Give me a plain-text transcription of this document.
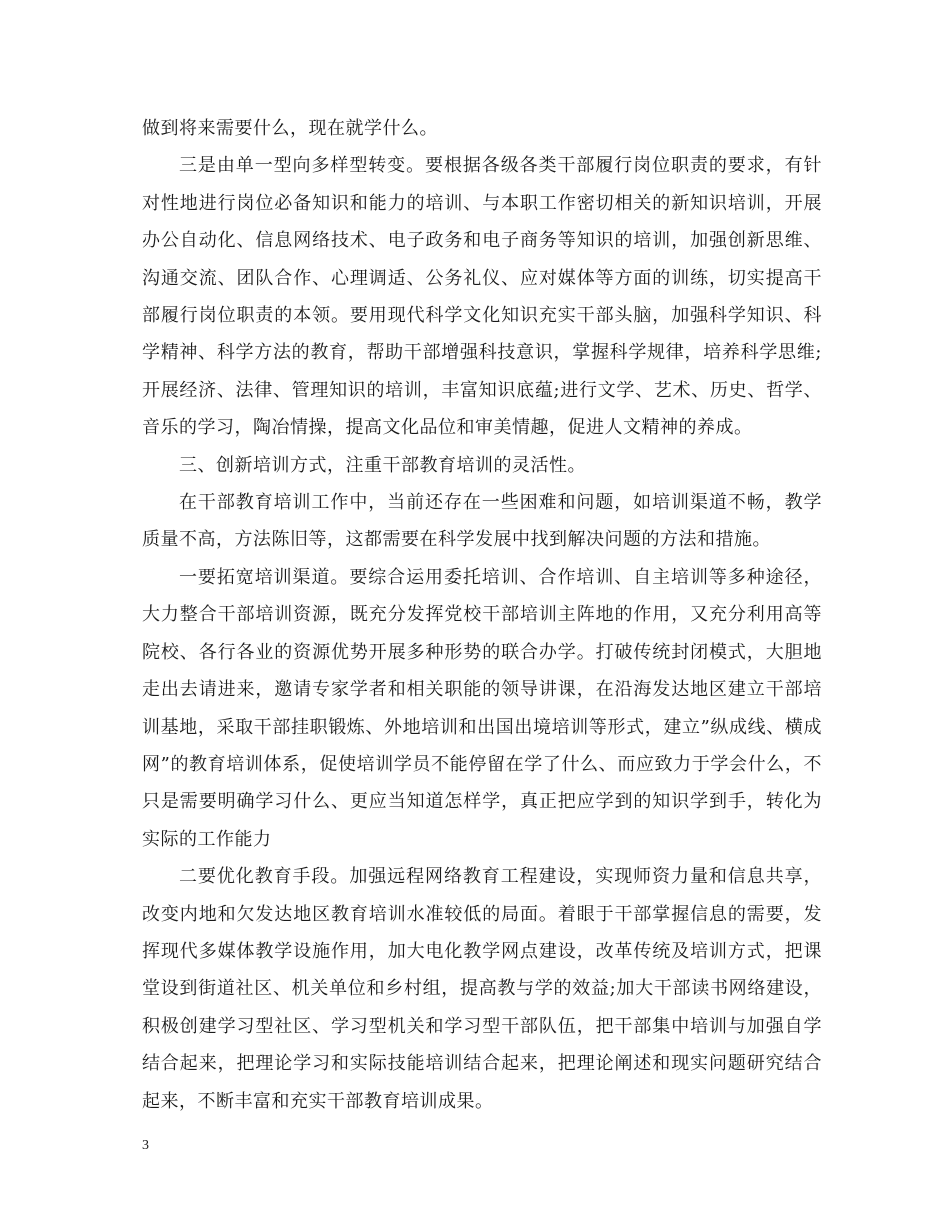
做到将来需要什么，现在就学什么。

三是由单一型向多样型转变。要根据各级各类干部履行岗位职责的要求，有针对性地进行岗位必备知识和能力的培训、与本职工作密切相关的新知识培训，开展办公自动化、信息网络技术、电子政务和电子商务等知识的培训，加强创新思维、沟通交流、团队合作、心理调适、公务礼仪、应对媒体等方面的训练，切实提高干部履行岗位职责的本领。要用现代科学文化知识充实干部头脑，加强科学知识、科学精神、科学方法的教育，帮助干部增强科技意识，掌握科学规律，培养科学思维;开展经济、法律、管理知识的培训，丰富知识底蕴;进行文学、艺术、历史、哲学、音乐的学习，陶冶情操，提高文化品位和审美情趣，促进人文精神的养成。

三、创新培训方式，注重干部教育培训的灵活性。

在干部教育培训工作中，当前还存在一些困难和问题，如培训渠道不畅，教学质量不高，方法陈旧等，这都需要在科学发展中找到解决问题的方法和措施。

一要拓宽培训渠道。要综合运用委托培训、合作培训、自主培训等多种途径，大力整合干部培训资源，既充分发挥党校干部培训主阵地的作用，又充分利用高等院校、各行各业的资源优势开展多种形势的联合办学。打破传统封闭模式，大胆地走出去请进来，邀请专家学者和相关职能的领导讲课，在沿海发达地区建立干部培训基地，采取干部挂职锻炼、外地培训和出国出境培训等形式，建立”纵成线、横成网”的教育培训体系，促使培训学员不能停留在学了什么、而应致力于学会什么，不只是需要明确学习什么、更应当知道怎样学，真正把应学到的知识学到手，转化为实际的工作能力

二要优化教育手段。加强远程网络教育工程建设，实现师资力量和信息共享，改变内地和欠发达地区教育培训水准较低的局面。着眼于干部掌握信息的需要，发挥现代多媒体教学设施作用，加大电化教学网点建设，改革传统及培训方式，把课堂设到街道社区、机关单位和乡村组，提高教与学的效益;加大干部读书网络建设，积极创建学习型社区、学习型机关和学习型干部队伍，把干部集中培训与加强自学结合起来，把理论学习和实际技能培训结合起来，把理论阐述和现实问题研究结合起来，不断丰富和充实干部教育培训成果。

3
